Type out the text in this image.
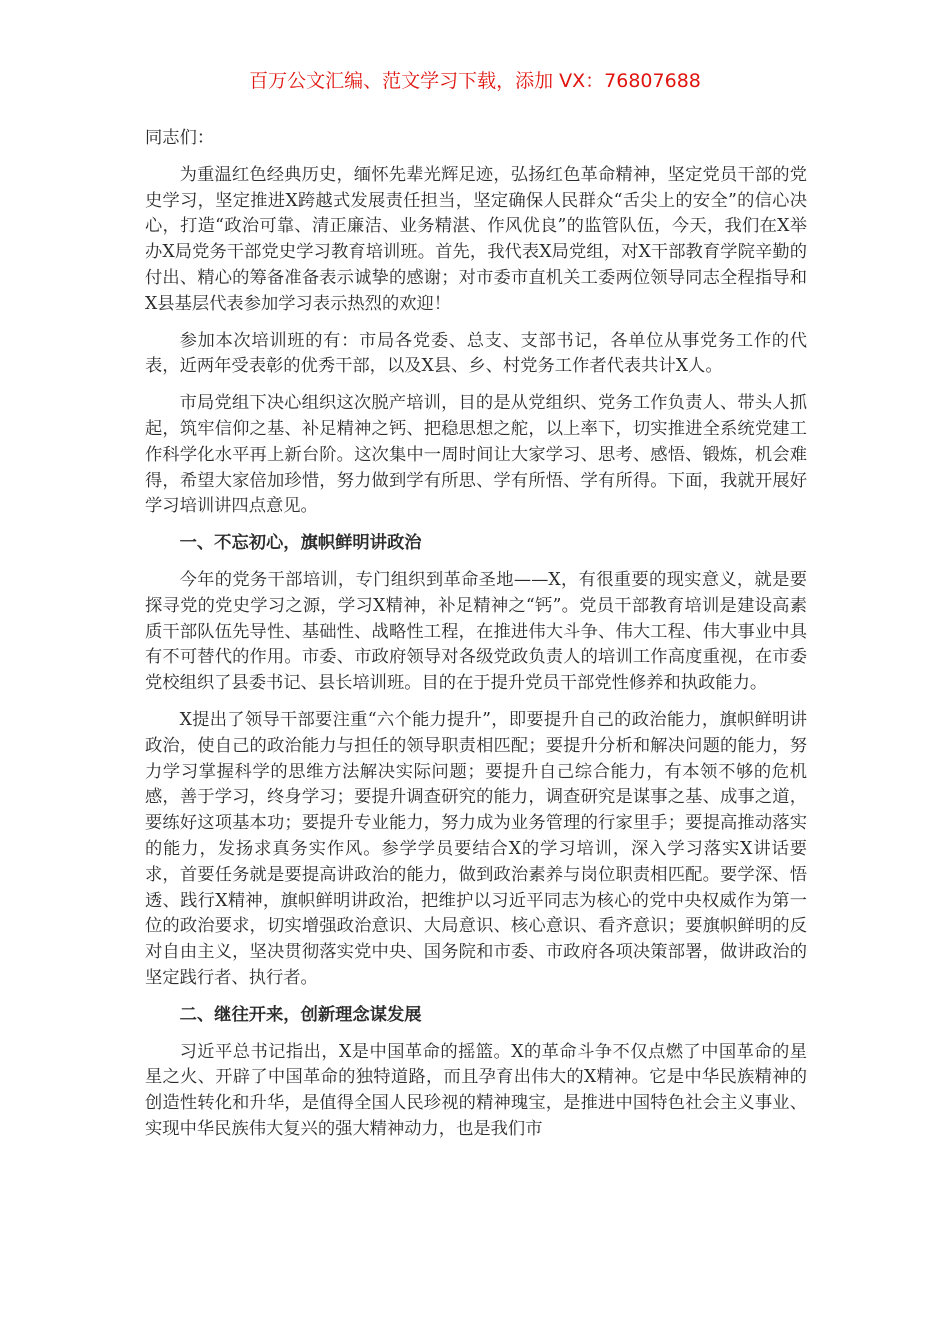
百万公文汇编、范文学习下载，添加 VX：76807688

同志们：

为重温红色经典历史，缅怀先辈光辉足迹，弘扬红色革命精神，坚定党员干部的党史学习，坚定推进X跨越式发展责任担当，坚定确保人民群众“舌尖上的安全”的信心决心，打造“政治可靠、清正廉洁、业务精湛、作风优良”的监管队伍，今天，我们在X举办X局党务干部党史学习教育培训班。首先，我代表X局党组，对X干部教育学院辛勤的付出、精心的筹备准备表示诚挚的感谢；对市委市直机关工委两位领导同志全程指导和X县基层代表参加学习表示热烈的欢迎！

参加本次培训班的有：市局各党委、总支、支部书记，各单位从事党务工作的代表，近两年受表彰的优秀干部，以及X县、乡、村党务工作者代表共计X人。

市局党组下决心组织这次脱产培训，目的是从党组织、党务工作负责人、带头人抓起，筑牢信仰之基、补足精神之钙、把稳思想之舵，以上率下，切实推进全系统党建工作科学化水平再上新台阶。这次集中一周时间让大家学习、思考、感悟、锻炼，机会难得，希望大家倍加珍惜，努力做到学有所思、学有所悟、学有所得。下面，我就开展好学习培训讲四点意见。

一、不忘初心，旗帜鲜明讲政治

今年的党务干部培训，专门组织到革命圣地——X，有很重要的现实意义，就是要探寻党的党史学习之源，学习X精神，补足精神之“钙”。党员干部教育培训是建设高素质干部队伍先导性、基础性、战略性工程，在推进伟大斗争、伟大工程、伟大事业中具有不可替代的作用。市委、市政府领导对各级党政负责人的培训工作高度重视，在市委党校组织了县委书记、县长培训班。目的在于提升党员干部党性修养和执政能力。

X提出了领导干部要注重“六个能力提升”，即要提升自己的政治能力，旗帜鲜明讲政治，使自己的政治能力与担任的领导职责相匹配；要提升分析和解决问题的能力，努力学习掌握科学的思维方法解决实际问题；要提升自己综合能力，有本领不够的危机感，善于学习，终身学习；要提升调查研究的能力，调查研究是谋事之基、成事之道，要练好这项基本功；要提升专业能力，努力成为业务管理的行家里手；要提高推动落实的能力，发扬求真务实作风。参学学员要结合X的学习培训，深入学习落实X讲话要求，首要任务就是要提高讲政治的能力，做到政治素养与岗位职责相匹配。要学深、悟透、践行X精神，旗帜鲜明讲政治，把维护以习近平同志为核心的党中央权威作为第一位的政治要求，切实增强政治意识、大局意识、核心意识、看齐意识；要旗帜鲜明的反对自由主义，坚决贯彻落实党中央、国务院和市委、市政府各项决策部署，做讲政治的坚定践行者、执行者。

二、继往开来，创新理念谋发展

习近平总书记指出，X是中国革命的摇篮。X的革命斗争不仅点燃了中国革命的星星之火、开辟了中国革命的独特道路，而且孕育出伟大的X精神。它是中华民族精神的创造性转化和升华，是值得全国人民珍视的精神瑰宝，是推进中国特色社会主义事业、实现中华民族伟大复兴的强大精神动力，也是我们市
